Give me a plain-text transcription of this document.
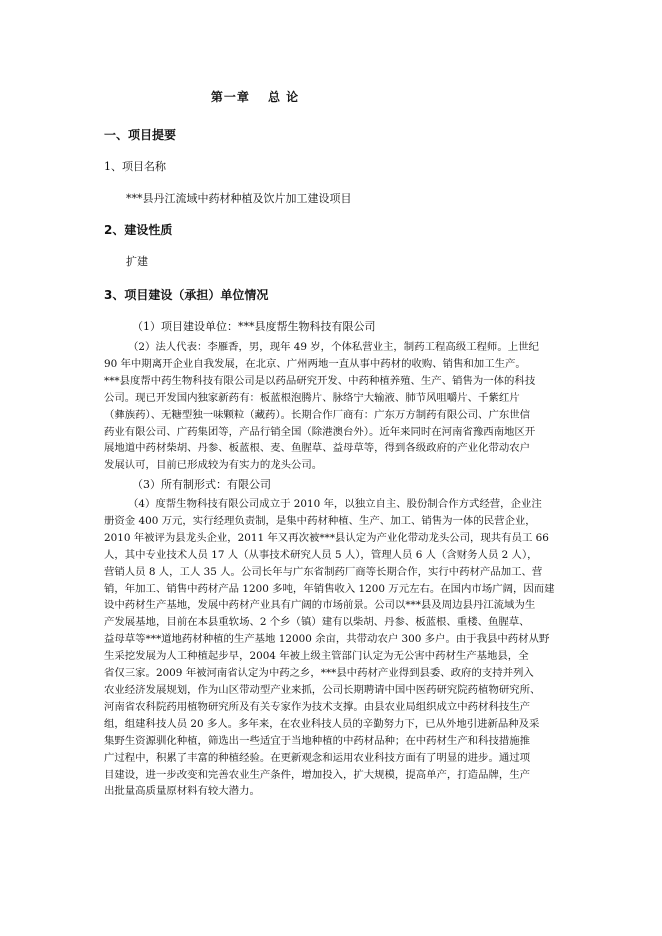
第一章　 总 论
一、项目提要
1、项目名称
***县丹江流域中药材种植及饮片加工建设项目
2、建设性质
扩建
3、项目建设（承担）单位情况
（1）项目建设单位：***县度帮生物科技有限公司
（2）法人代表：李雁香，男，现年 49 岁，个体私营业主，制药工程高级工程师。上世纪
90 年中期离开企业自我发展，在北京、广州两地一直从事中药材的收购、销售和加工生产。
***县度帮中药生物科技有限公司是以药品研究开发、中药种植养殖、生产、销售为一体的科技
公司。现已开发国内独家新药有：板蓝根泡腾片、脉络宁大输液、肺节风咀嚼片、千紫红片
（彝族药）、无糖型独一味颗粒（藏药）。长期合作厂商有：广东万方制药有限公司、广东世信
药业有限公司、广药集团等，产品行销全国（除港澳台外）。近年来同时在河南省豫西南地区开
展地道中药材柴胡、丹参、板蓝根、麦、鱼腥草、益母草等，得到各级政府的产业化带动农户
发展认可，目前已形成较为有实力的龙头公司。
（3）所有制形式：有限公司
（4）度帮生物科技有限公司成立于 2010 年，以独立自主、股份制合作方式经营，企业注
册资金 400 万元，实行经理负责制，是集中药材种植、生产、加工、销售为一体的民营企业，
2010 年被评为县龙头企业，2011 年又再次被***县认定为产业化带动龙头公司，现共有员工 66
人，其中专业技术人员 17 人（从事技术研究人员 5 人），管理人员 6 人（含财务人员 2 人），
营销人员 8 人，工人 35 人。公司长年与广东省制药厂商等长期合作，实行中药材产品加工、营
销，年加工、销售中药材产品 1200 多吨，年销售收入 1200 万元左右。在国内市场广阔，因而建
设中药材生产基地，发展中药材产业具有广阔的市场前景。公司以***县及周边县丹江流域为生
产发展基地，目前在本县重软场、2 个乡（镇）建有以柴胡、丹参、板蓝根、重楼、鱼腥草、
益母草等***道地药材种植的生产基地 12000 余亩，共带动农户 300 多户。由于我县中药材从野
生采挖发展为人工种植起步早，2004 年被上级主管部门认定为无公害中药材生产基地县，全
省仅三家。2009 年被河南省认定为中药之乡，***县中药材产业得到县委、政府的支持并列入
农业经济发展规划，作为山区带动型产业来抓，公司长期聘请中国中医药研究院药植物研究所、
河南省农科院药用植物研究所及有关专家作为技术支撑。由县农业局组织成立中药材科技生产
组，组建科技人员 20 多人。多年来，在农业科技人员的辛勤努力下，已从外地引进新品种及采
集野生资源驯化种植，筛选出一些适宜于当地种植的中药材品种；在中药材生产和科技措施推
广过程中，积累了丰富的种植经验。在更新观念和运用农业科技方面有了明显的进步。通过项
目建设，进一步改变和完善农业生产条件，增加投入，扩大规模，提高单产，打造品牌，生产
出批量高质量原材料有较大潜力。
